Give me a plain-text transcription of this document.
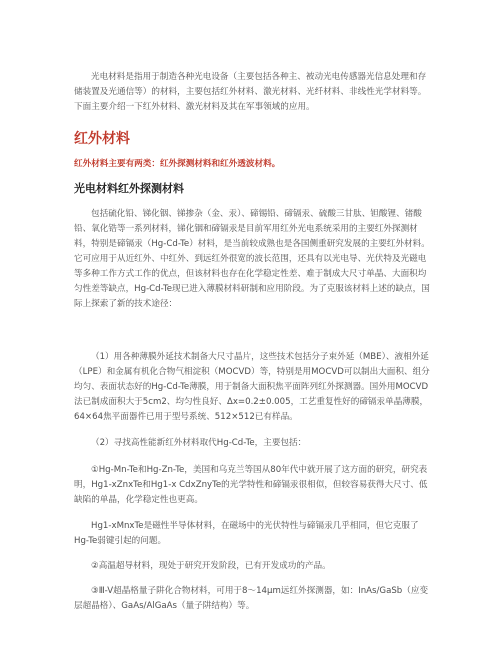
光电材料是指用于制造各种光电设备（主要包括各种主、被动光电传感器光信息处理和存储装置及光通信等）的材料，主要包括红外材料、激光材料、光纤材料、非线性光学材料等。下面主要介绍一下红外材料、激光材料及其在军事领域的应用。

红外材料

红外材料主要有两类：红外探测材料和红外透波材料。

光电材料红外探测材料

包括硫化铅、锑化铟、锑掺杂（金、汞）、碲锡铅、碲镉汞、硫酸三甘肽、钽酸锂、锗酸铅、氧化锆等一系列材料，锑化铟和碲镉汞是目前军用红外光电系统采用的主要红外探测材料，特别是碲镉汞（Hg-Cd-Te）材料，是当前较成熟也是各国侧重研究发展的主要红外材料。它可应用于从近红外、中红外、到远红外很宽的波长范围，还具有以光电导、光伏特及光磁电等多种工作方式工作的优点，但该材料也存在化学稳定性差、难于制成大尺寸单晶、大面积均匀性差等缺点，Hg-Cd-Te现已进入薄膜材料研制和应用阶段。为了克服该材料上述的缺点，国际上探索了新的技术途径：

（1）用各种薄膜外延技术制备大尺寸晶片，这些技术包括分子束外延（MBE）、液相外延（LPE）和金属有机化合物气相淀积（MOCVD）等，特别是用MOCVD可以制出大面积、组分均匀、表面状态好的Hg-Cd-Te薄膜，用于制备大面积焦平面阵列红外探测器。国外用MOCVD法已制成面积大于5cm2、均匀性良好、Δx=0.2±0.005，工艺重复性好的碲镉汞单晶薄膜，64×64焦平面器件已用于型号系统、512×512已有样品。

（2）寻找高性能新红外材料取代Hg-Cd-Te，主要包括：

①Hg-Mn-Te和Hg-Zn-Te，美国和乌克兰等国从80年代中就开展了这方面的研究，研究表明，Hg1-xZnxTe和Hg1-x CdxZnyTe的光学特性和碲镉汞很相似，但较容易获得大尺寸、低缺陷的单晶，化学稳定性也更高。

Hg1-xMnxTe是磁性半导体材料，在磁场中的光伏特性与碲镉汞几乎相同，但它克服了Hg-Te弱键引起的问题。

②高温超导材料，现处于研究开发阶段，已有开发成功的产品。

③Ⅲ-V超晶格量子阱化合物材料，可用于8～14μm远红外探测器，如：InAs/GaSb（应变层超晶格）、GaAs/AlGaAs（量子阱结构）等。
